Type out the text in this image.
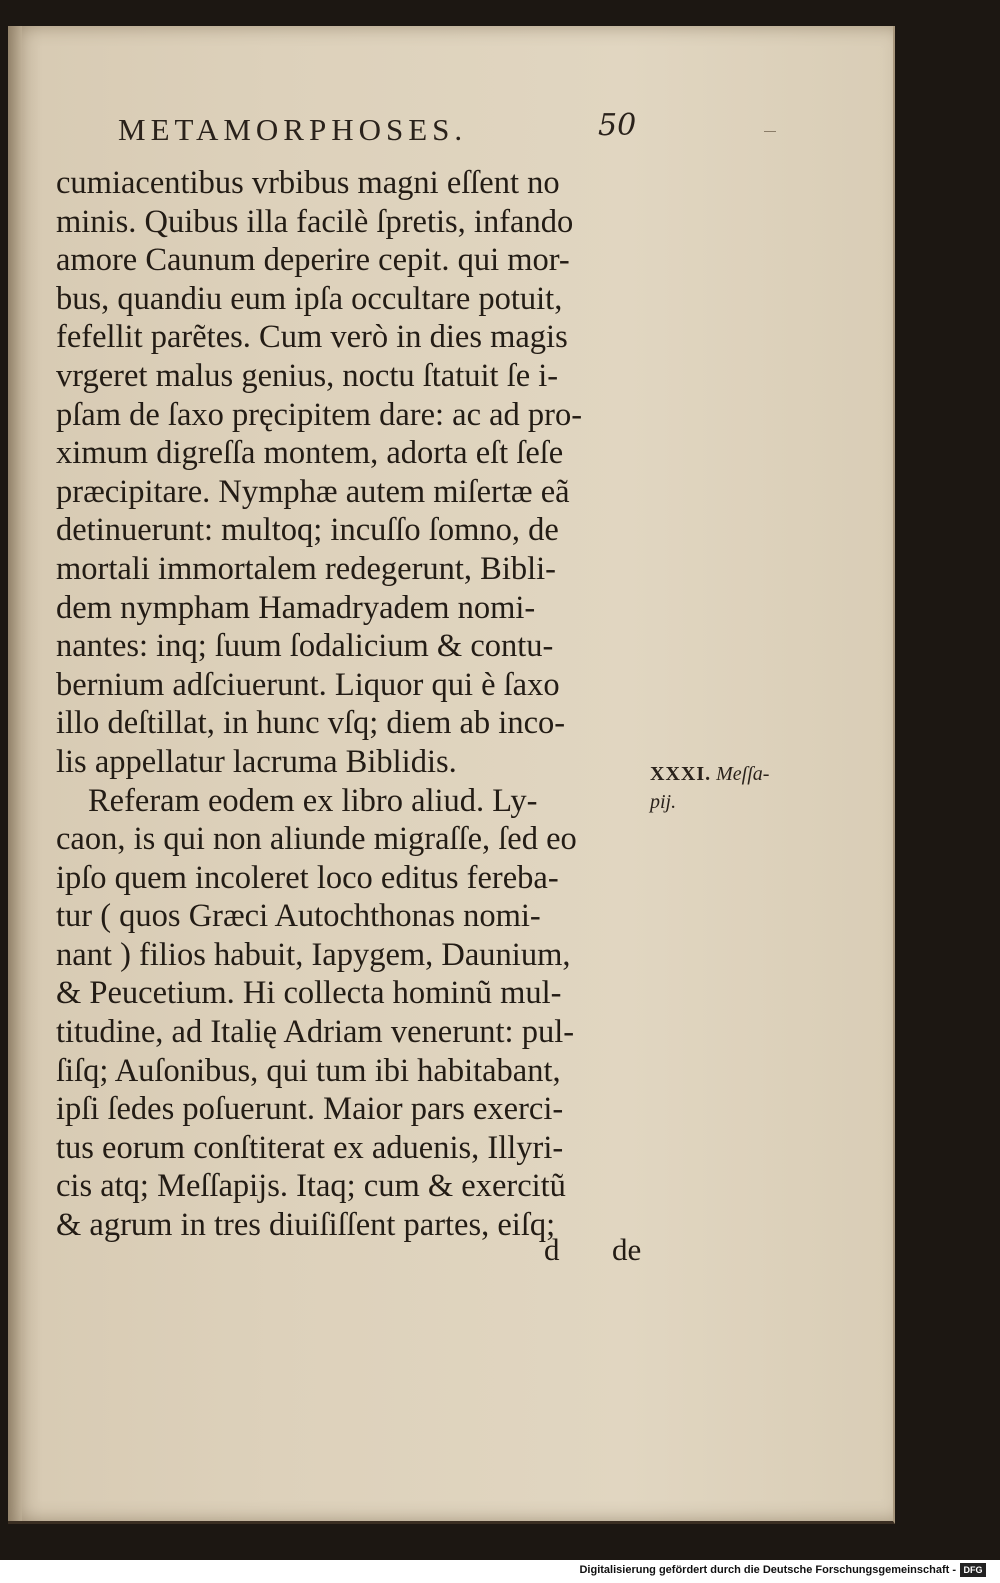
METAMORPHOSES.	50
cumiacentibus vrbibus magni eſſent no
minis. Quibus illa facilè ſpretis, infando
amore Caunum deperire cepit. qui mor-
bus, quandiu eum ipſa occultare potuit,
fefellit parẽtes. Cum verò in dies magis
vrgeret malus genius, noctu ſtatuit ſe i-
pſam de ſaxo pręcipitem dare: ac ad pro-
ximum digreſſa montem, adorta eſt ſeſe
præcipitare. Nymphæ autem miſertæ eã
detinuerunt: multoq; incuſſo ſomno, de
mortali immortalem redegerunt, Bibli-
dem nympham Hamadryadem nomi-
nantes: inq; ſuum ſodalicium & contu-
bernium adſciuerunt. Liquor qui è ſaxo
illo deſtillat, in hunc vſq; diem ab inco-
lis appellatur lacruma Biblidis.
Referam eodem ex libro aliud. Ly-
caon, is qui non aliunde migraſſe, ſed eo
ipſo quem incoleret loco editus fereba-
tur ( quos Græci Autochthonas nomi-
nant ) filios habuit, Iapygem, Daunium,
& Peucetium. Hi collecta hominũ mul-
titudine, ad Italię Adriam venerunt: pul-
ſiſq; Auſonibus, qui tum ibi habitabant,
ipſi ſedes poſuerunt. Maior pars exerci-
tus eorum conſtiterat ex aduenis, Illyri-
cis atq; Meſſapijs. Itaq; cum & exercitũ
& agrum in tres diuiſiſſent partes, eiſq;
d de
XXXI. Meſſa-
pij.
Digitalisierung gefördert durch die Deutsche Forschungsgemeinschaft - DFG
